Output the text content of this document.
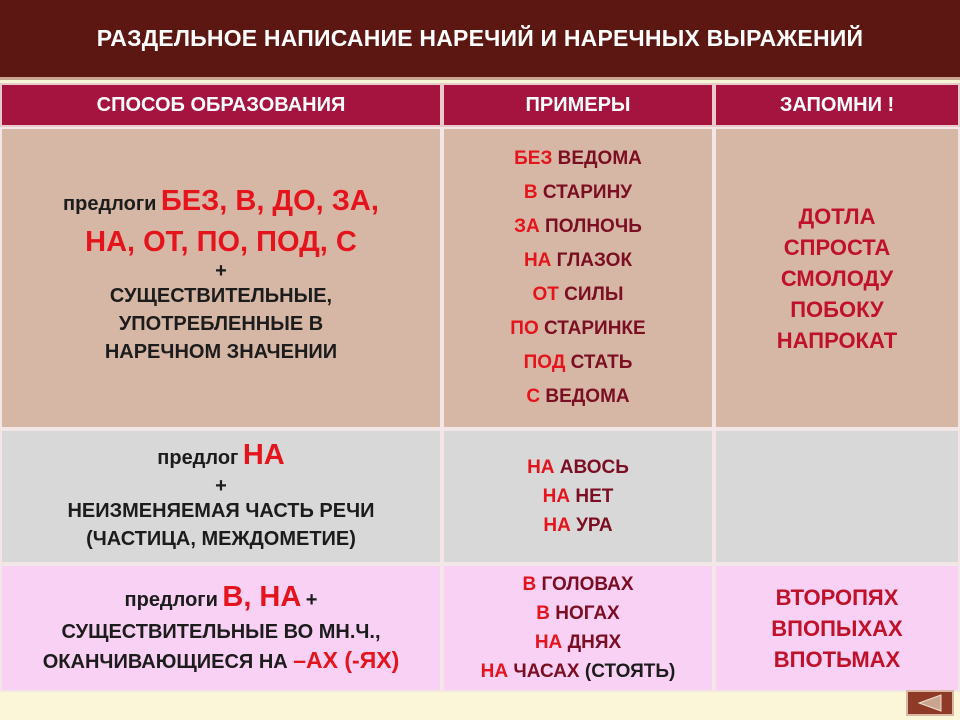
РАЗДЕЛЬНОЕ НАПИСАНИЕ НАРЕЧИЙ И НАРЕЧНЫХ ВЫРАЖЕНИЙ
СПОСОБ ОБРАЗОВАНИЯ	ПРИМЕРЫ	ЗАПОМНИ !
предлоги БЕЗ, В, ДО, ЗА,
НА, ОТ, ПО, ПОД, С
+
СУЩЕСТВИТЕЛЬНЫЕ,
УПОТРЕБЛЕННЫЕ В
НАРЕЧНОМ ЗНАЧЕНИИ
БЕЗ ВЕДОМА
В СТАРИНУ
ЗА ПОЛНОЧЬ
НА ГЛАЗОК
ОТ СИЛЫ
ПО СТАРИНКЕ
ПОД СТАТЬ
С ВЕДОМА
ДОТЛА
СПРОСТА
СМОЛОДУ
ПОБОКУ
НАПРОКАТ
предлог НА
+
НЕИЗМЕНЯЕМАЯ ЧАСТЬ РЕЧИ
(ЧАСТИЦА, МЕЖДОМЕТИЕ)
НА АВОСЬ
НА НЕТ
НА УРА
предлоги В, НА +
СУЩЕСТВИТЕЛЬНЫЕ ВО МН.Ч.,
ОКАНЧИВАЮЩИЕСЯ НА –АХ (-ЯХ)
В ГОЛОВАХ
В НОГАХ
НА ДНЯХ
НА ЧАСАХ (СТОЯТЬ)
ВТОРОПЯХ
ВПОПЫХАХ
ВПОТЬМАХ
